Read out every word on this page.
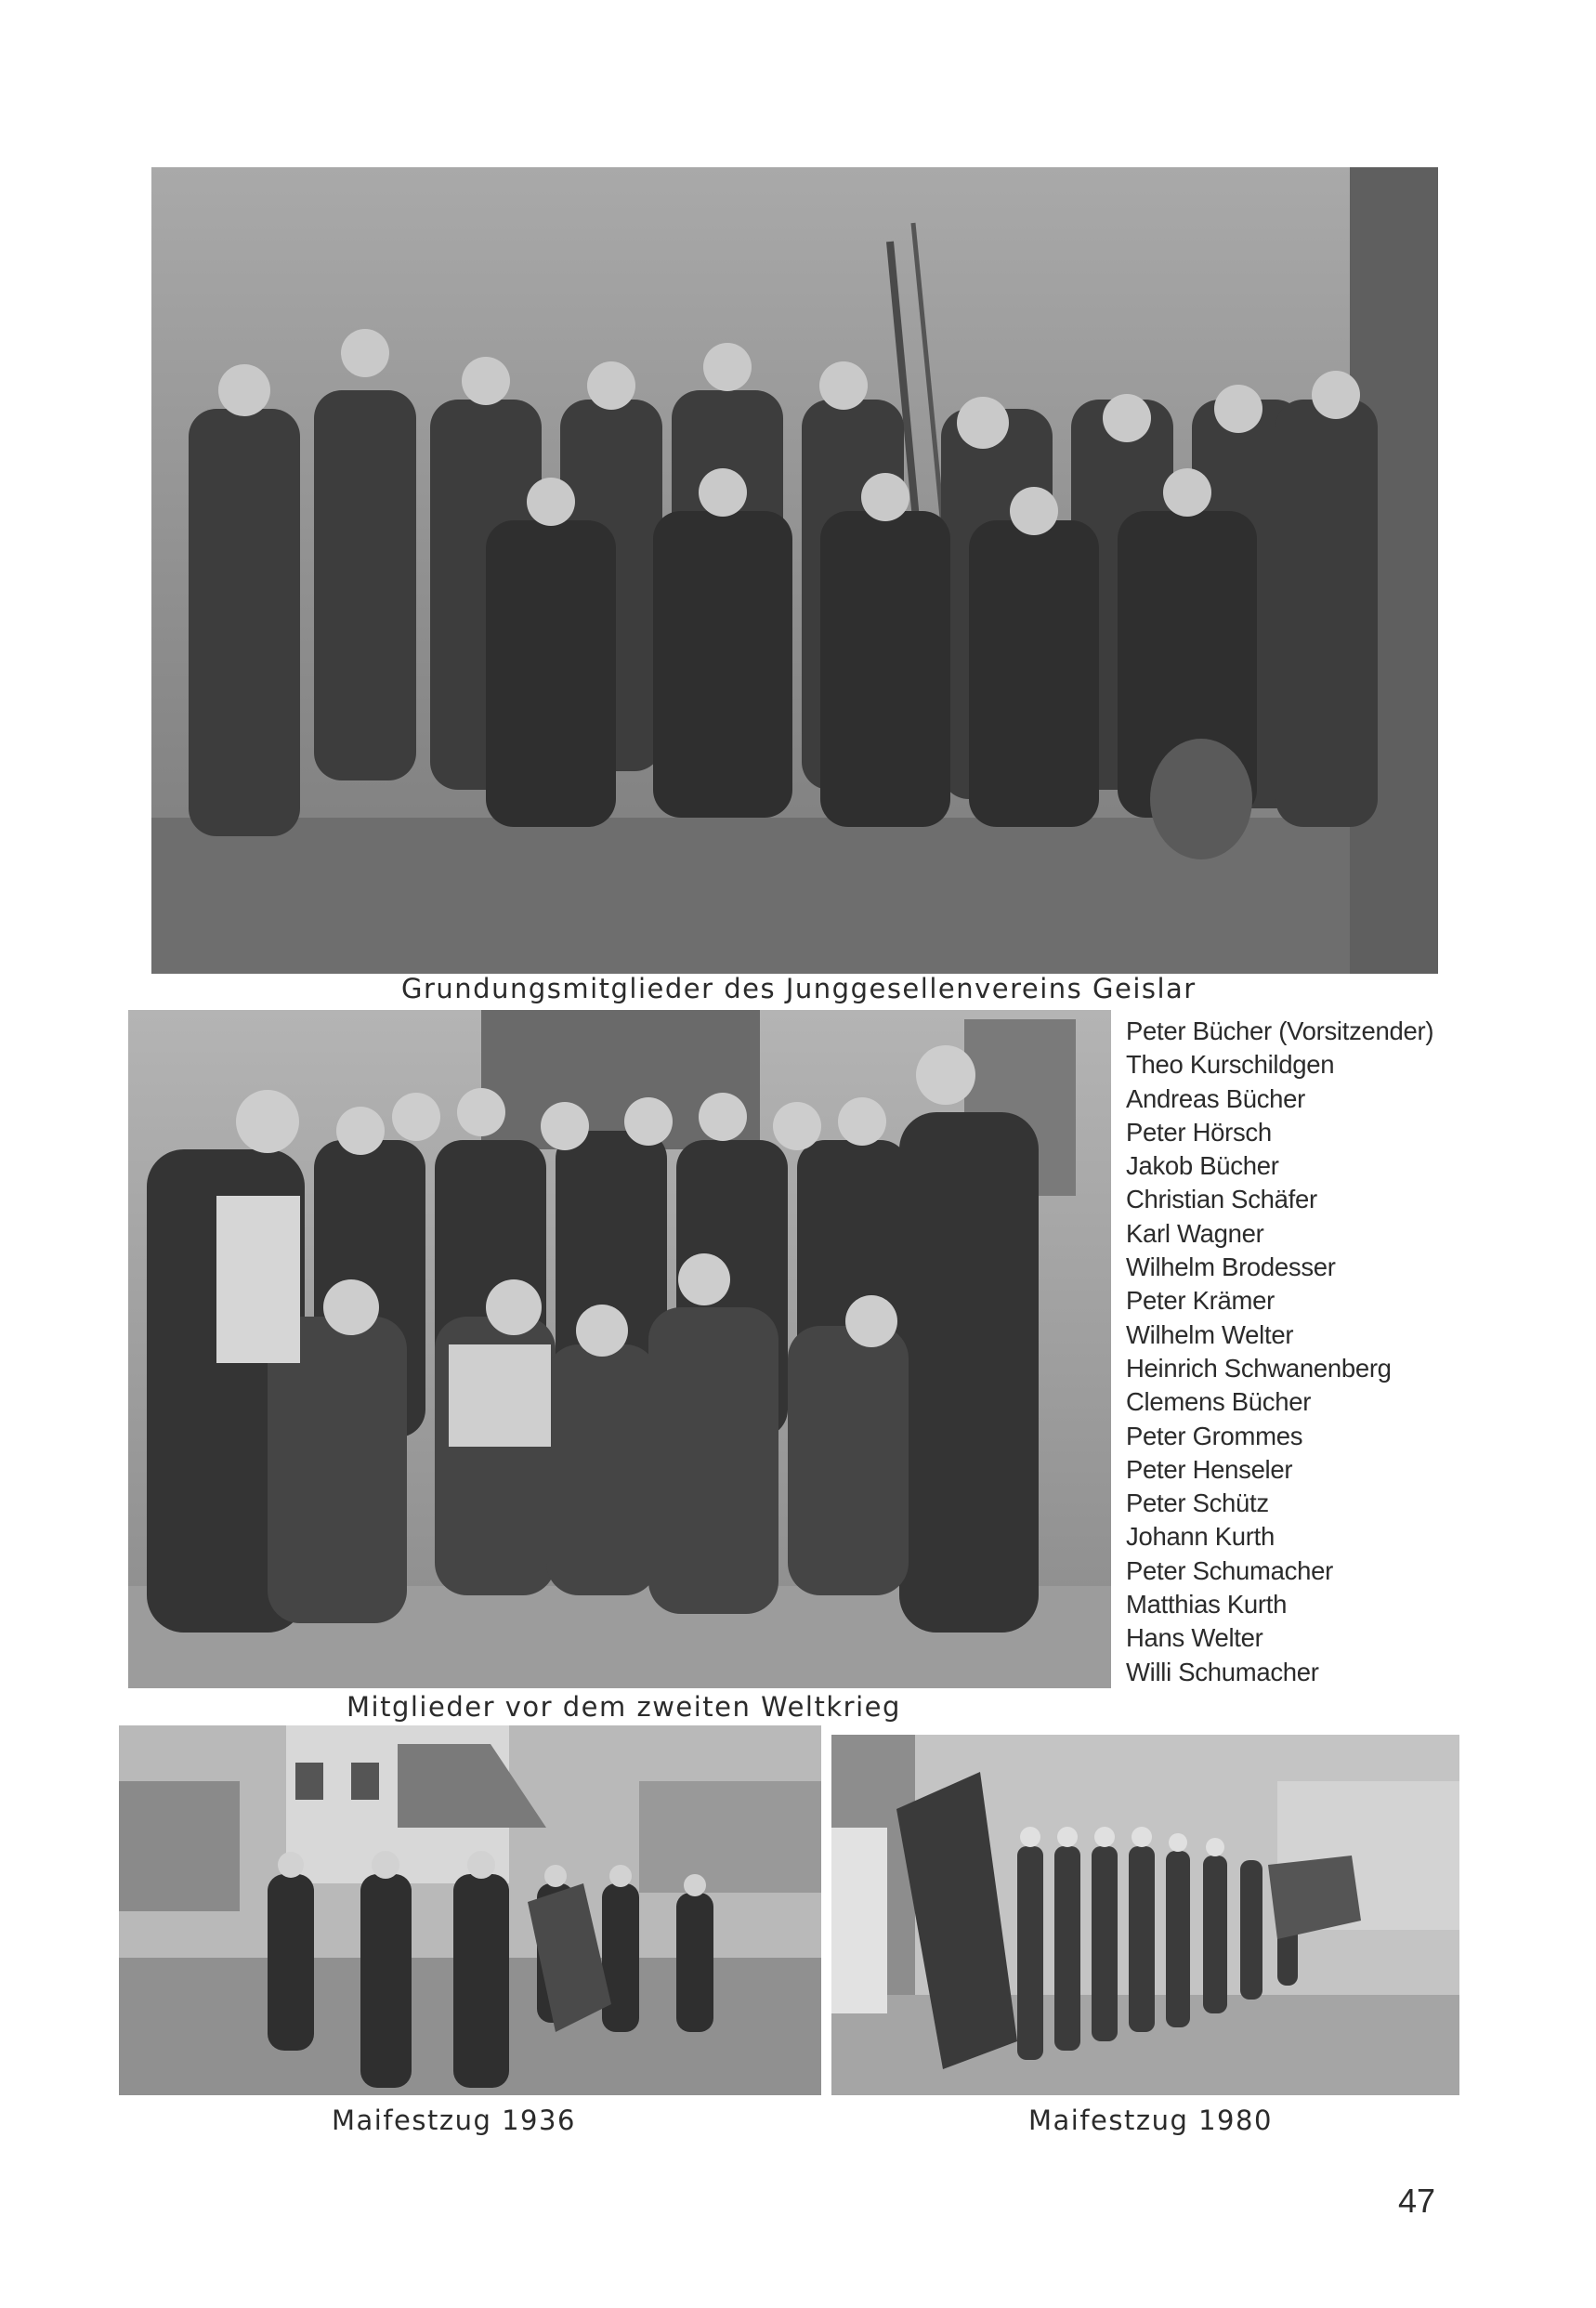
Grundungsmitglieder des Junggesellenvereins Geislar
Peter Bücher (Vorsitzender)
Theo Kurschildgen
Andreas Bücher
Peter Hörsch
Jakob Bücher
Christian Schäfer
Karl Wagner
Wilhelm Brodesser
Peter Krämer
Wilhelm Welter
Heinrich Schwanenberg
Clemens Bücher
Peter Grommes
Peter Henseler
Peter Schütz
Johann Kurth
Peter Schumacher
Matthias Kurth
Hans Welter
Willi Schumacher
Mitglieder vor dem zweiten Weltkrieg
Maifestzug 1936	Maifestzug 1980
47
